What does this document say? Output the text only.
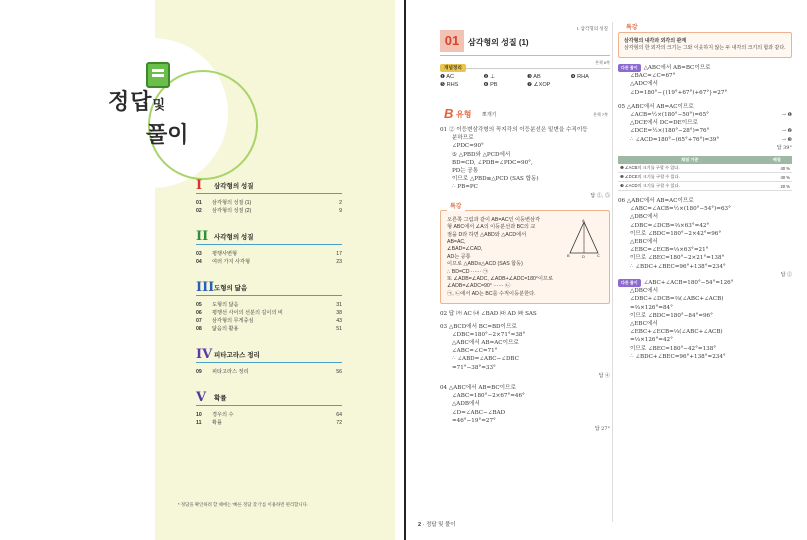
정답및
풀이
I	삼각형의 성질
01	삼각형의 성질 (1)	2
02	삼각형의 성질 (2)	9
II 사각형의 성질
03	평행사변형	17
04	여러 가지 사각형	23
III 도형의 닮음
05	도형의 닮음	31
06	평행선 사이의 선분의 길이의 비	38
07	삼각형의 무게중심	43
08	닮음의 활용	51
IV 피타고라스 정리
09	피타고라스 정리	56
V	확률
10	경우의 수	64
11	확률	72
* 정답을 확인하려 할 때에는 '빠른 정답 찾기'를 이용하면 편리합니다.
I. 삼각형의 성질
01	삼각형의 성질 (1)
본책 6쪽
개념정리
❶ AC	❷ ⊥	❸ AB	❹ RHA
❺ RHS	❻ PB	❼ ∠XOP
B 유형 뽀개기	본책 7쪽
01 ② 이등변삼각형의 꼭지각의 이등분선은 밑변을 수직이등
분하므로
∠PDC=90°
⑤ △PBD와 △PCD에서
BD=CD, ∠PDB=∠PDC=90°,
PD는 공통
이므로 △PBD≡△PCD (SAS 합동)
∴ PB=PC
답 ②, ⑤
특강
A
B	D	C
오른쪽 그림과 같이 AB=AC인 이등변삼각
형 ABC에서 ∠A의 이등분선과 BC의 교
점을 D라 하면 △ABD와 △ACD에서
AB=AC,
∠BAD=∠CAD,
AD는 공통
이므로 △ABD≡△ACD (SAS 합동)
∴ BD=CD ······ ㉠
또 ∠ADB=∠ADC, ∠ADB+∠ADC=180°이므로
∠ADB=∠ADC=90° ······ ㉡
㉠, ㉡에서 AD는 BC를 수직이등분한다.
02 답 ㈎ AC ㈏ ∠BAD ㈐ AD ㈑ SAS
03 △BCD에서 BC=BD이므로
∠DBC=180°−2×71°=38°
△ABC에서 AB=AC이므로
∠ABC=∠C=71°
∴ ∠ABD=∠ABC−∠DBC
=71°−38°=33°
답 ④
04 △ABC에서 AB=BC이므로
∠ABC=180°−2×67°=46°
△ADB에서
∠D=∠ABC−∠BAD
=46°−19°=27°
답 27°
특강
삼각형의 내각과 외각의 관계
삼각형의 한 외각의 크기는 그와 이웃하지 않는 두 내각의 크기의 합과 같다.
다른 풀이 △ABC에서 AB=BC이므로
∠BAC=∠C=67°
△ADC에서
∠D=180°−{(19°+67°)+67°}=27°
05 △ABC에서 AB=AC이므로
→ ❶
∠ACB=½×(180°−50°)=65°
△DCE에서 DC=DE이므로
→ ❷
∠DCE=½×(180°−28°)=76°
→ ❸
∴ ∠ACD=180°−(65°+76°)=39°
답 39°
채점 기준	배점
❶ ∠ACB의 크기를 구할 수 있다.	40 %
❷ ∠DCE의 크기를 구할 수 있다.	40 %
❸ ∠ACD의 크기를 구할 수 있다.	20 %
06 △ABC에서 AB=AC이므로
∠ABC=∠ACB=½×(180°−54°)=63°
△DBC에서
∠DBC=∠DCB=⅔×63°=42°
이므로 ∠BDC=180°−2×42°=96°
△EBC에서
∠EBC=∠ECB=⅓×63°=21°
이므로 ∠BEC=180°−2×21°=138°
∴ ∠BDC+∠BEC=96°+138°=234°
답 ②
다른 풀이 ∠ABC+∠ACB=180°−54°=126°
△DBC에서
∠DBC+∠DCB=⅔(∠ABC+∠ACB)
=⅔×126°=84°
이므로 ∠BDC=180°−84°=96°
△EBC에서
∠EBC+∠ECB=⅓(∠ABC+∠ACB)
=⅓×126°=42°
이므로 ∠BEC=180°−42°=138°
∴ ∠BDC+∠BEC=96°+138°=234°
2 · 정답 및 풀이
